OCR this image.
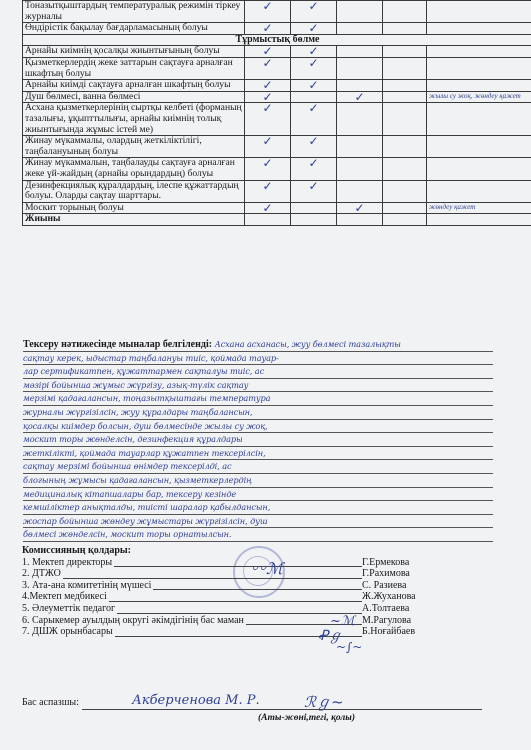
Тоназытқыштардың температуралық режимін тіркеу журналы	✓	✓			
Өндірістік бақылау бағдарламасының болуы	✓	✓			
Тұрмыстық бөлме					
Арнайы киімнің қосалқы жиынтығының болуы	✓	✓			
Қызметкерлердің жеке заттарын сақтауға арналған шкафтың болуы	✓	✓			
Арнайы киімді сақтауға арналған шкафтың болуы	✓	✓			
Душ бөлмесі, ванна бөлмесі	✓		✓		жылы су жоқ, жөндеу қажет
Асхана қызметкерлерінің сыртқы келбеті (форманың тазалығы, ұқыпттылығы, арнайы киімнің толық жиынтығында жұмыс істей ме)	✓	✓			
Жинау мүкаммалы, олардың жеткіліктілігі, таңбалануының болуы	✓	✓			
Жинау мүкаммалын, таңбалауды сақтауға арналған жеке үй-жайдың (арнайы орындардың) болуы	✓	✓			
Дезинфекциялық құралдардың, ілеспе құжаттардың болуы. Оларды сақтау шарттары.	✓	✓			
Москит торының болуы	✓		✓		жөндеу қажет
Жиыны					
Тексеру нәтижесінде мыналар белгіленді: Асхана асханасы, жуу бөлмесі тазалықты
сақтау керек, ыдыстар таңбалануы тиіс, қоймада тауар-
лар сертификатпен, құжаттармен сақталуы тиіс, ас
мәзірі бойынша жұмыс жүргізу, азық-түлік сақтау
мерзімі қадағалансын, тоңазытқыштағы температура
журналы жүргізілсін, жуу құралдары таңбалансын,
қосалқы киімдер болсын, душ бөлмесінде жылы су жоқ,
москит торы жөнделсін, дезинфекция құралдары
жеткілікті, қоймада тауарлар құжатпен тексерілсін,
сақтау мерзімі бойынша өнімдер тексерілді, ас
блогының жұмысы қадағалансын, қызметкерлердің
медициналық кітапшалары бар, тексеру кезінде
кемшіліктер анықталды, тиісті шаралар қабылдансын,
жоспар бойынша жөндеу жұмыстары жүргізілсін, душ
бөлмесі жөнделсін, москит торы орнатылсын.
Комиссияның қолдары:
1. Мектеп директоры	Г.Ермекова
2. ДТЖО	Г.Рахимова
3. Ата-ана комитетінің мүшесі	С. Разиева
4.Мектеп медбикесі	Ж.Жуханова
5. Әлеуметтік педагог	А.Толтаева
6. Сарыкемер ауылдың округі әкімдігінің бас маман	М.Рагулова
7. ДШЖ орынбасары	Б.Ноғайбаев
〰ℳ
~ℳ
Ꝓℊ
~∫~
Бас аспазшы:	Акберченова М. Р.	ℛℊ~
(Аты-жөні,тегі, қолы)
